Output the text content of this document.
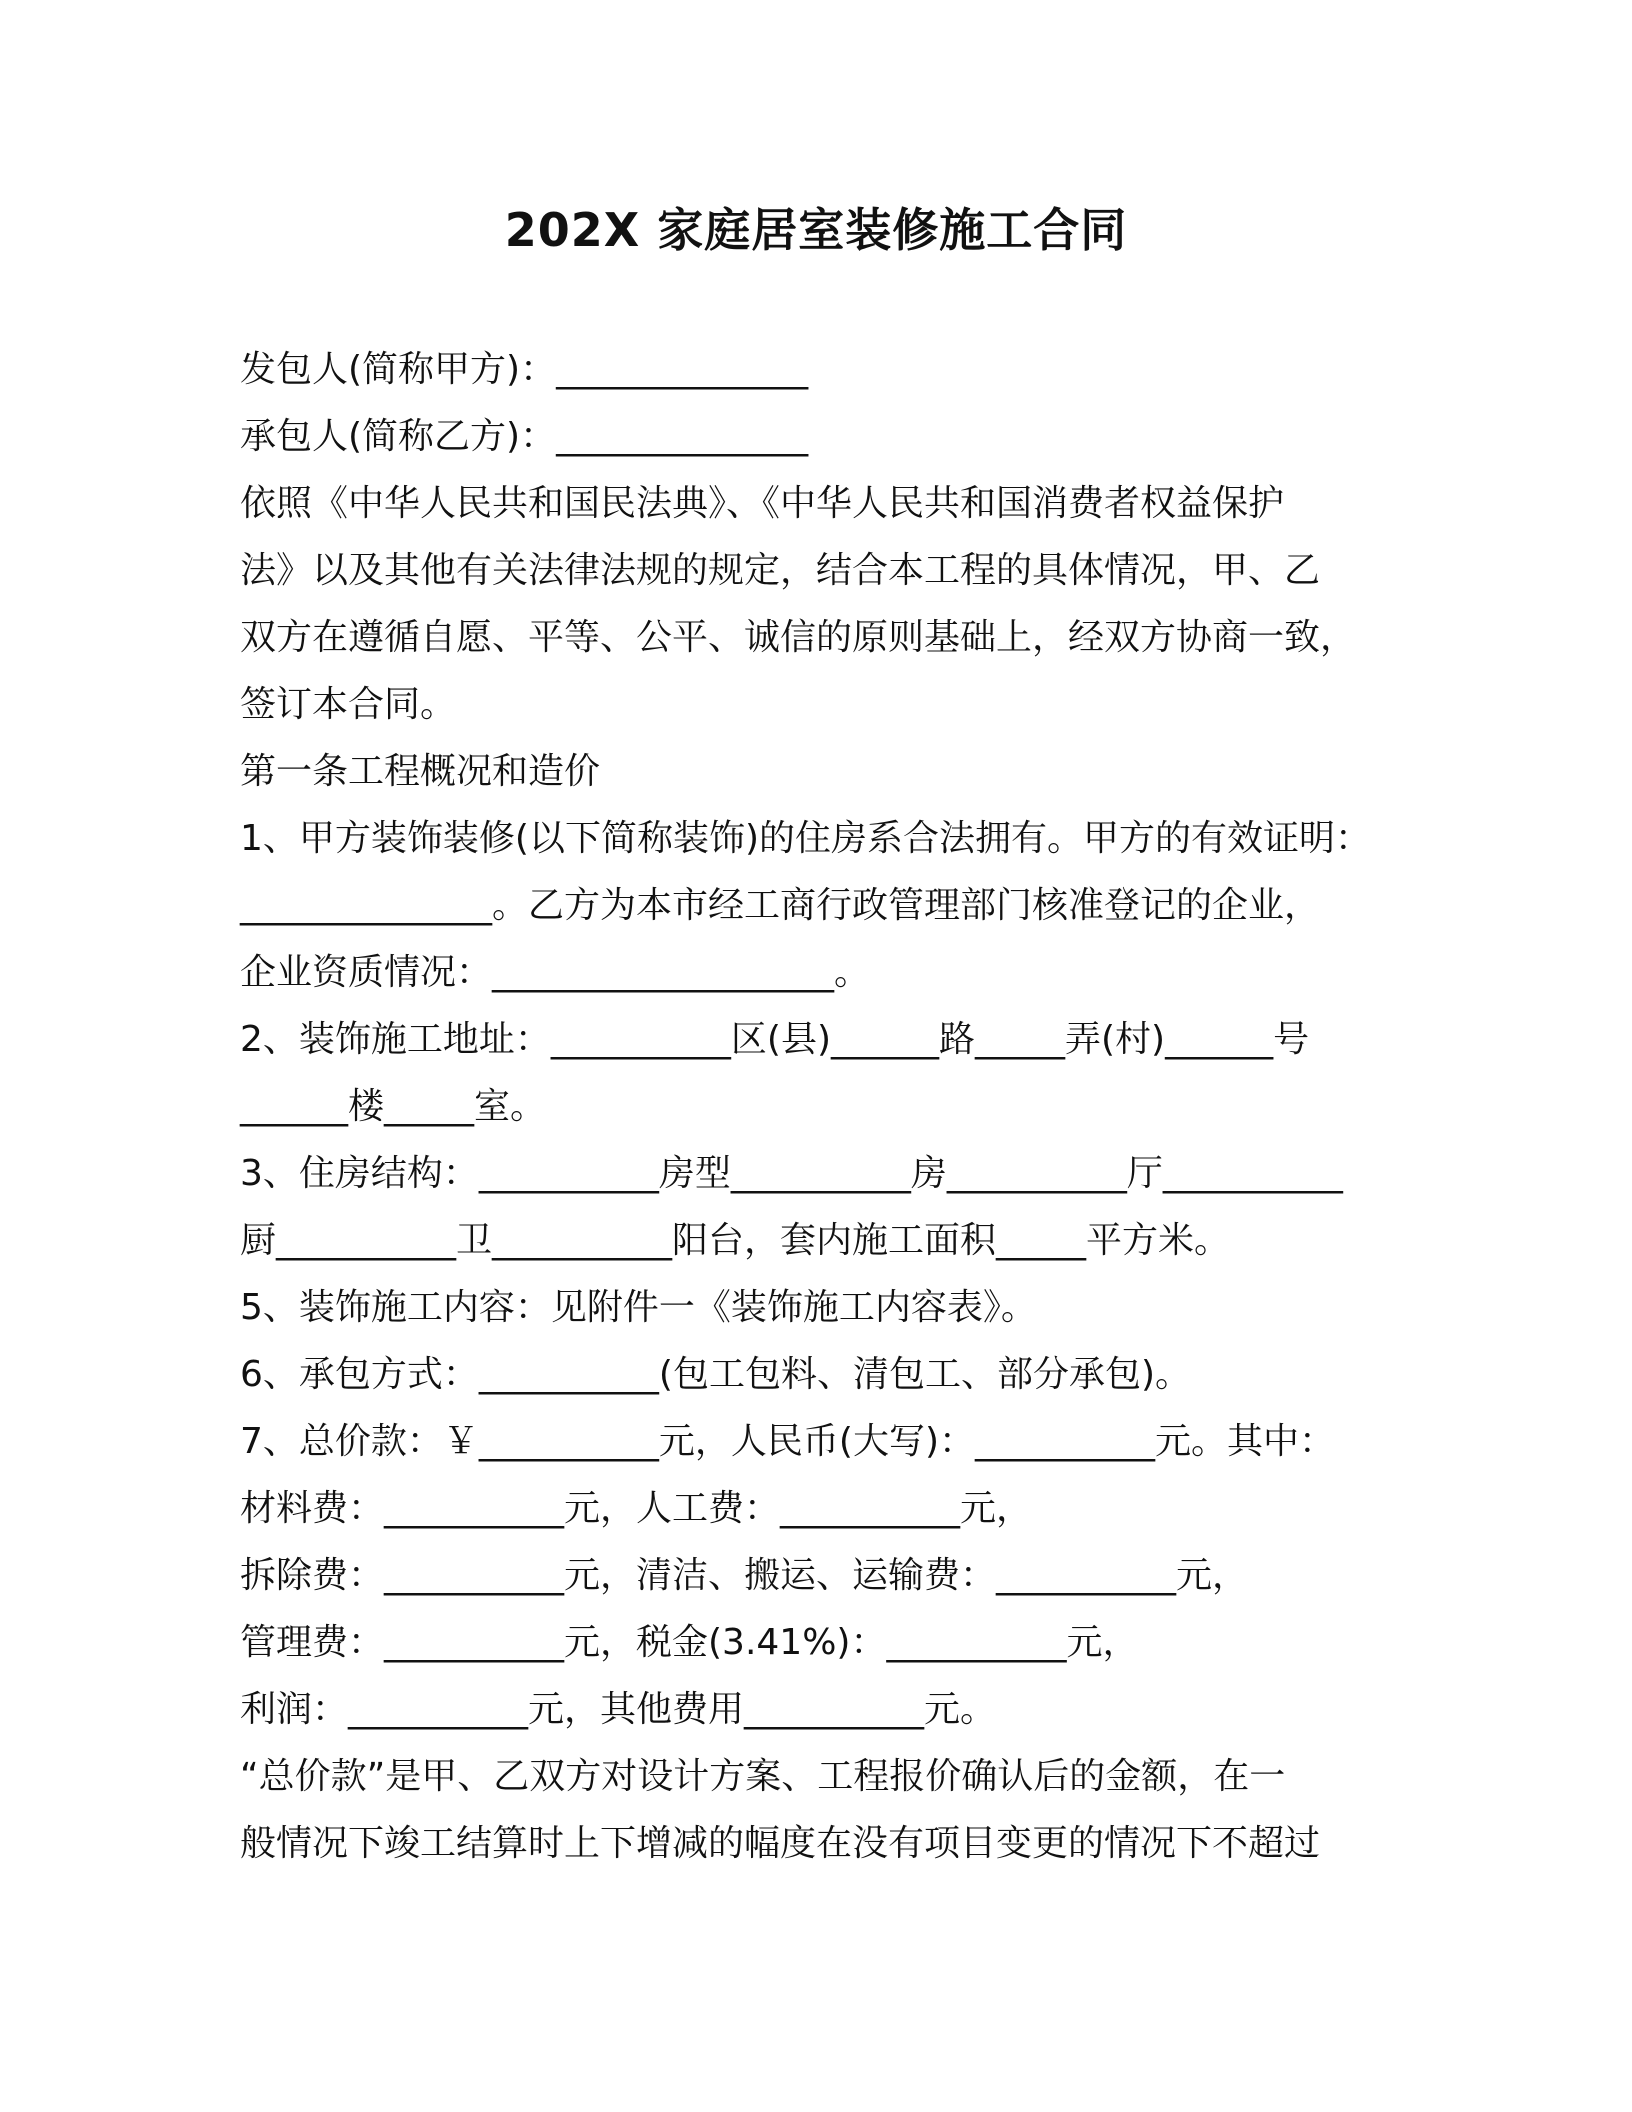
202X 家庭居室装修施工合同

发包人(简称甲方)：______________

承包人(简称乙方)：______________

依照《中华人民共和国民法典》、《中华人民共和国消费者权益保护

法》以及其他有关法律法规的规定，结合本工程的具体情况，甲、乙

双方在遵循自愿、平等、公平、诚信的原则基础上，经双方协商一致，

签订本合同。

第一条工程概况和造价

1、甲方装饰装修(以下简称装饰)的住房系合法拥有。甲方的有效证明：

______________。乙方为本市经工商行政管理部门核准登记的企业，

企业资质情况：___________________。

2、装饰施工地址：__________区(县)______路_____弄(村)______号

______楼_____室。

3、住房结构：__________房型__________房__________厅__________

厨__________卫__________阳台，套内施工面积_____平方米。

5、装饰施工内容：见附件一《装饰施工内容表》。

6、承包方式：__________(包工包料、清包工、部分承包)。

7、总价款：￥__________元，人民币(大写)：__________元。其中：

材料费：__________元，人工费：__________元，

拆除费：__________元，清洁、搬运、运输费：__________元，

管理费：__________元，税金(3.41%)：__________元，

利润：__________元，其他费用__________元。

“总价款”是甲、乙双方对设计方案、工程报价确认后的金额，在一

般情况下竣工结算时上下增减的幅度在没有项目变更的情况下不超过
